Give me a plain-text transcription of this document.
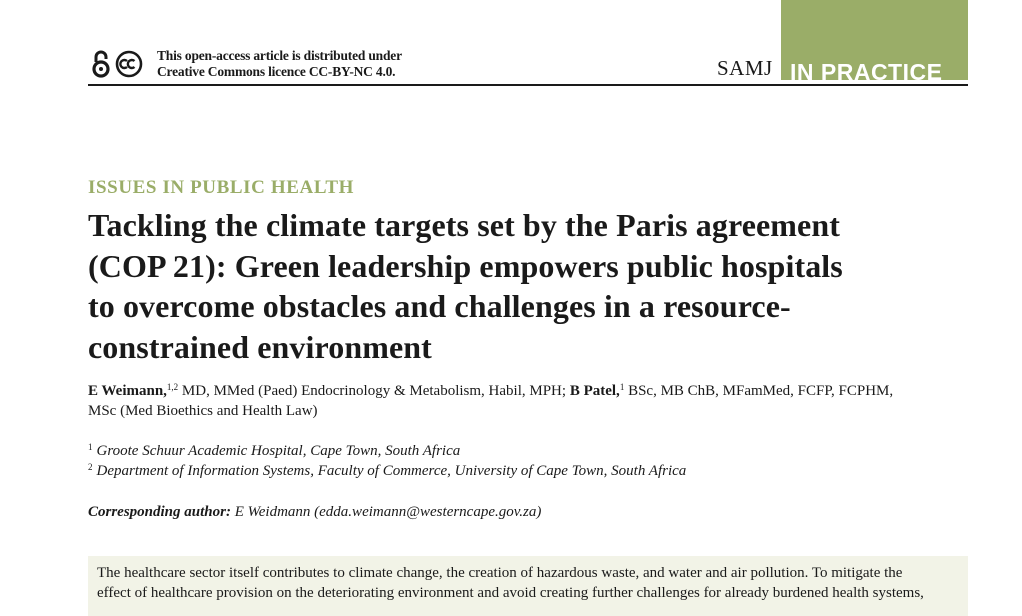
This open-access article is distributed under
Creative Commons licence CC-BY-NC 4.0.	SAMJ IN PRACTICE
ISSUES IN PUBLIC HEALTH
Tackling the climate targets set by the Paris agreement
(COP 21): Green leadership empowers public hospitals
to overcome obstacles and challenges in a resource-
constrained environment
E Weimann,$^{1,2}$ MD, MMed (Paed) Endocrinology & Metabolism, Habil, MPH; B Patel,$^1$ BSc, MB ChB, MFamMed, FCFP, FCPHM,
MSc (Med Bioethics and Health Law)
$^1$ Groote Schuur Academic Hospital, Cape Town, South Africa
$^2$ Department of Information Systems, Faculty of Commerce, University of Cape Town, South Africa
Corresponding author: E Weidmann (edda.weimann@westerncape.gov.za)
The healthcare sector itself contributes to climate change, the creation of hazardous waste, and water and air pollution. To mitigate the
effect of healthcare provision on the deteriorating environment and avoid creating further challenges for already burdened health systems,
